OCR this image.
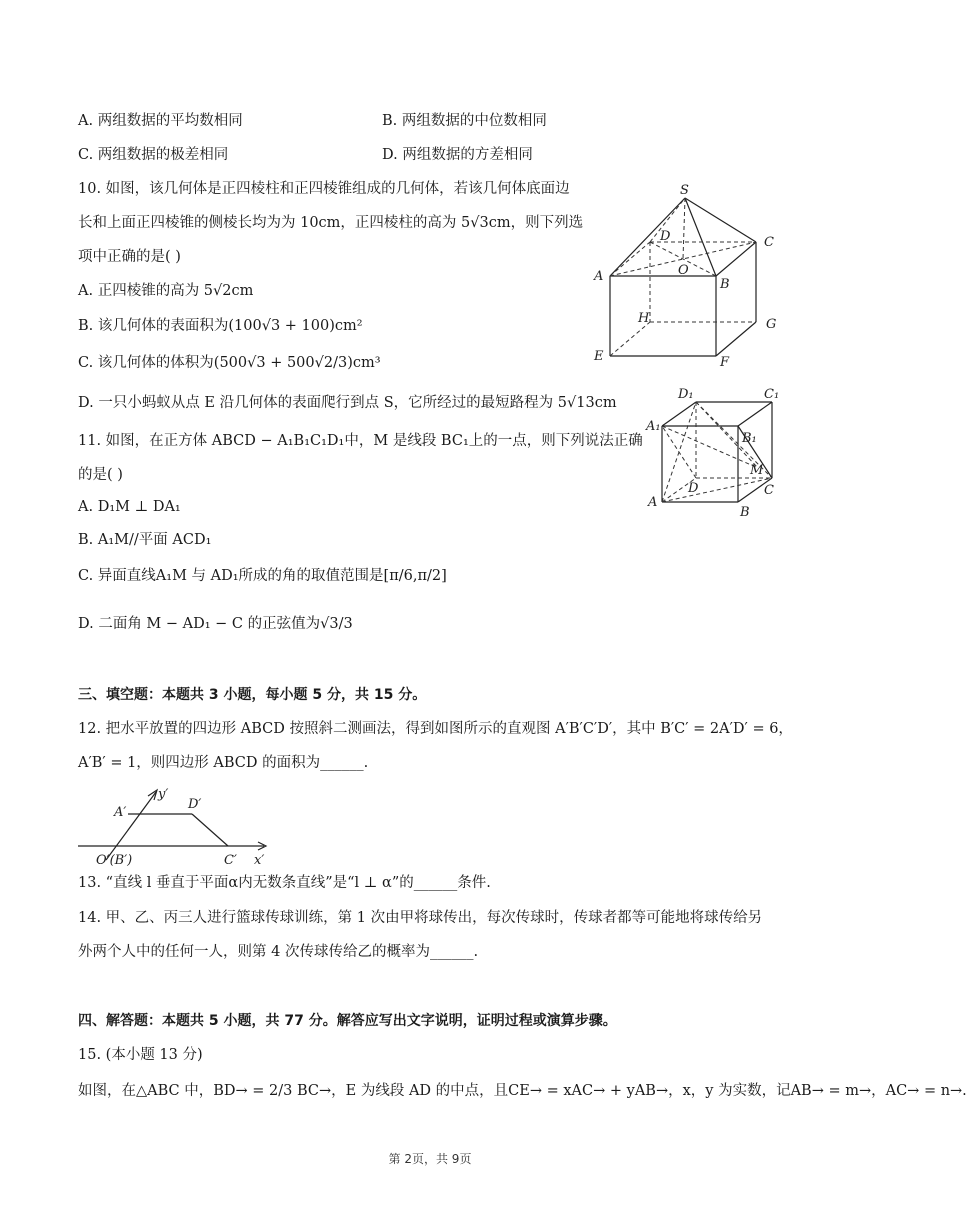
A. 两组数据的平均数相同	B. 两组数据的中位数相同
C. 两组数据的极差相同	D. 两组数据的方差相同
10. 如图，该几何体是正四棱柱和正四棱锥组成的几何体，若该几何体底面边
长和上面正四棱锥的侧棱长均为为 10cm，正四棱柱的高为 5√3cm，则下列选
项中正确的是( )
A. 正四棱锥的高为 5√2cm
B. 该几何体的表面积为(100√3 + 100)cm²
C. 该几何体的体积为(500√3 + 500√2/3)cm³
D. 一只小蚂蚁从点 E 沿几何体的表面爬行到点 S，它所经过的最短路程为 5√13cm
S
D	C
A	O
B
H	G
E	F
11. 如图，在正方体 ABCD − A₁B₁C₁D₁中，M 是线段 BC₁上的一点，则下列说法正确
的是( )
A. D₁M ⊥ DA₁
B. A₁M//平面 ACD₁
C. 异面直线A₁M 与 AD₁所成的角的取值范围是[π/6,π/2]
D. 二面角 M − AD₁ − C 的正弦值为√3/3
D₁	C₁
A₁
B₁
D
M
C
A
B
三、填空题：本题共 3 小题，每小题 5 分，共 15 分。
12. 把水平放置的四边形 ABCD 按照斜二测画法，得到如图所示的直观图 A′B′C′D′，其中 B′C′ = 2A′D′ = 6，
A′B′ = 1，则四边形 ABCD 的面积为______.
y′
A′
D′
O′(B′)	C′ x′
13. “直线 l 垂直于平面α内无数条直线”是“l ⊥ α”的______条件.
14. 甲、乙、丙三人进行篮球传球训练，第 1 次由甲将球传出，每次传球时，传球者都等可能地将球传给另
外两个人中的任何一人，则第 4 次传球传给乙的概率为______.
四、解答题：本题共 5 小题，共 77 分。解答应写出文字说明，证明过程或演算步骤。
15. (本小题 13 分)
如图，在△ABC 中，BD→ = 2/3 BC→，E 为线段 AD 的中点，且CE→ = xAC→ + yAB→，x，y 为实数，记AB→ = m→，AC→ = n→.
第 2页，共 9页
